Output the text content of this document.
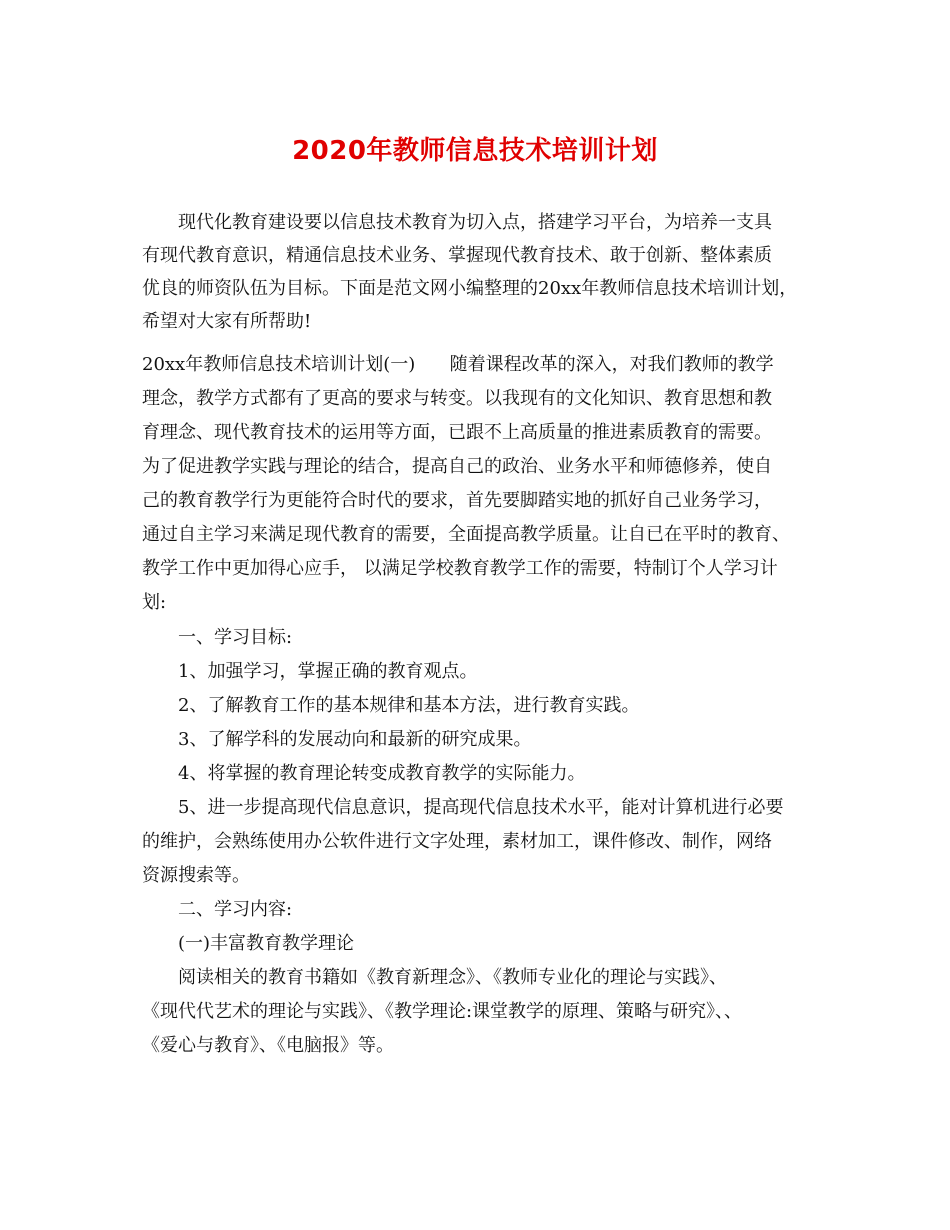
2020年教师信息技术培训计划
现代化教育建设要以信息技术教育为切入点，搭建学习平台，为培养一支具
有现代教育意识，精通信息技术业务、掌握现代教育技术、敢于创新、整体素质
优良的师资队伍为目标。下面是范文网小编整理的20xx年教师信息技术培训计划，
希望对大家有所帮助!
20xx年教师信息技术培训计划(一)      随着课程改革的深入，对我们教师的教学
理念，教学方式都有了更高的要求与转变。以我现有的文化知识、教育思想和教
育理念、现代教育技术的运用等方面，已跟不上高质量的推进素质教育的需要。
为了促进教学实践与理论的结合，提高自己的政治、业务水平和师德修养，使自
己的教育教学行为更能符合时代的要求，首先要脚踏实地的抓好自己业务学习，
通过自主学习来满足现代教育的需要，全面提高教学质量。让自已在平时的教育、
教学工作中更加得心应手， 以满足学校教育教学工作的需要，特制订个人学习计
划:
一、学习目标:
1、加强学习，掌握正确的教育观点。
2、了解教育工作的基本规律和基本方法，进行教育实践。
3、了解学科的发展动向和最新的研究成果。
4、将掌握的教育理论转变成教育教学的实际能力。
5、进一步提高现代信息意识，提高现代信息技术水平，能对计算机进行必要
的维护，会熟练使用办公软件进行文字处理，素材加工，课件修改、制作，网络
资源搜索等。
二、学习内容:
(一)丰富教育教学理论
阅读相关的教育书籍如《教育新理念》、《教师专业化的理论与实践》、
《现代代艺术的理论与实践》、《教学理论:课堂教学的原理、策略与研究》、、
《爱心与教育》、《电脑报》等。
